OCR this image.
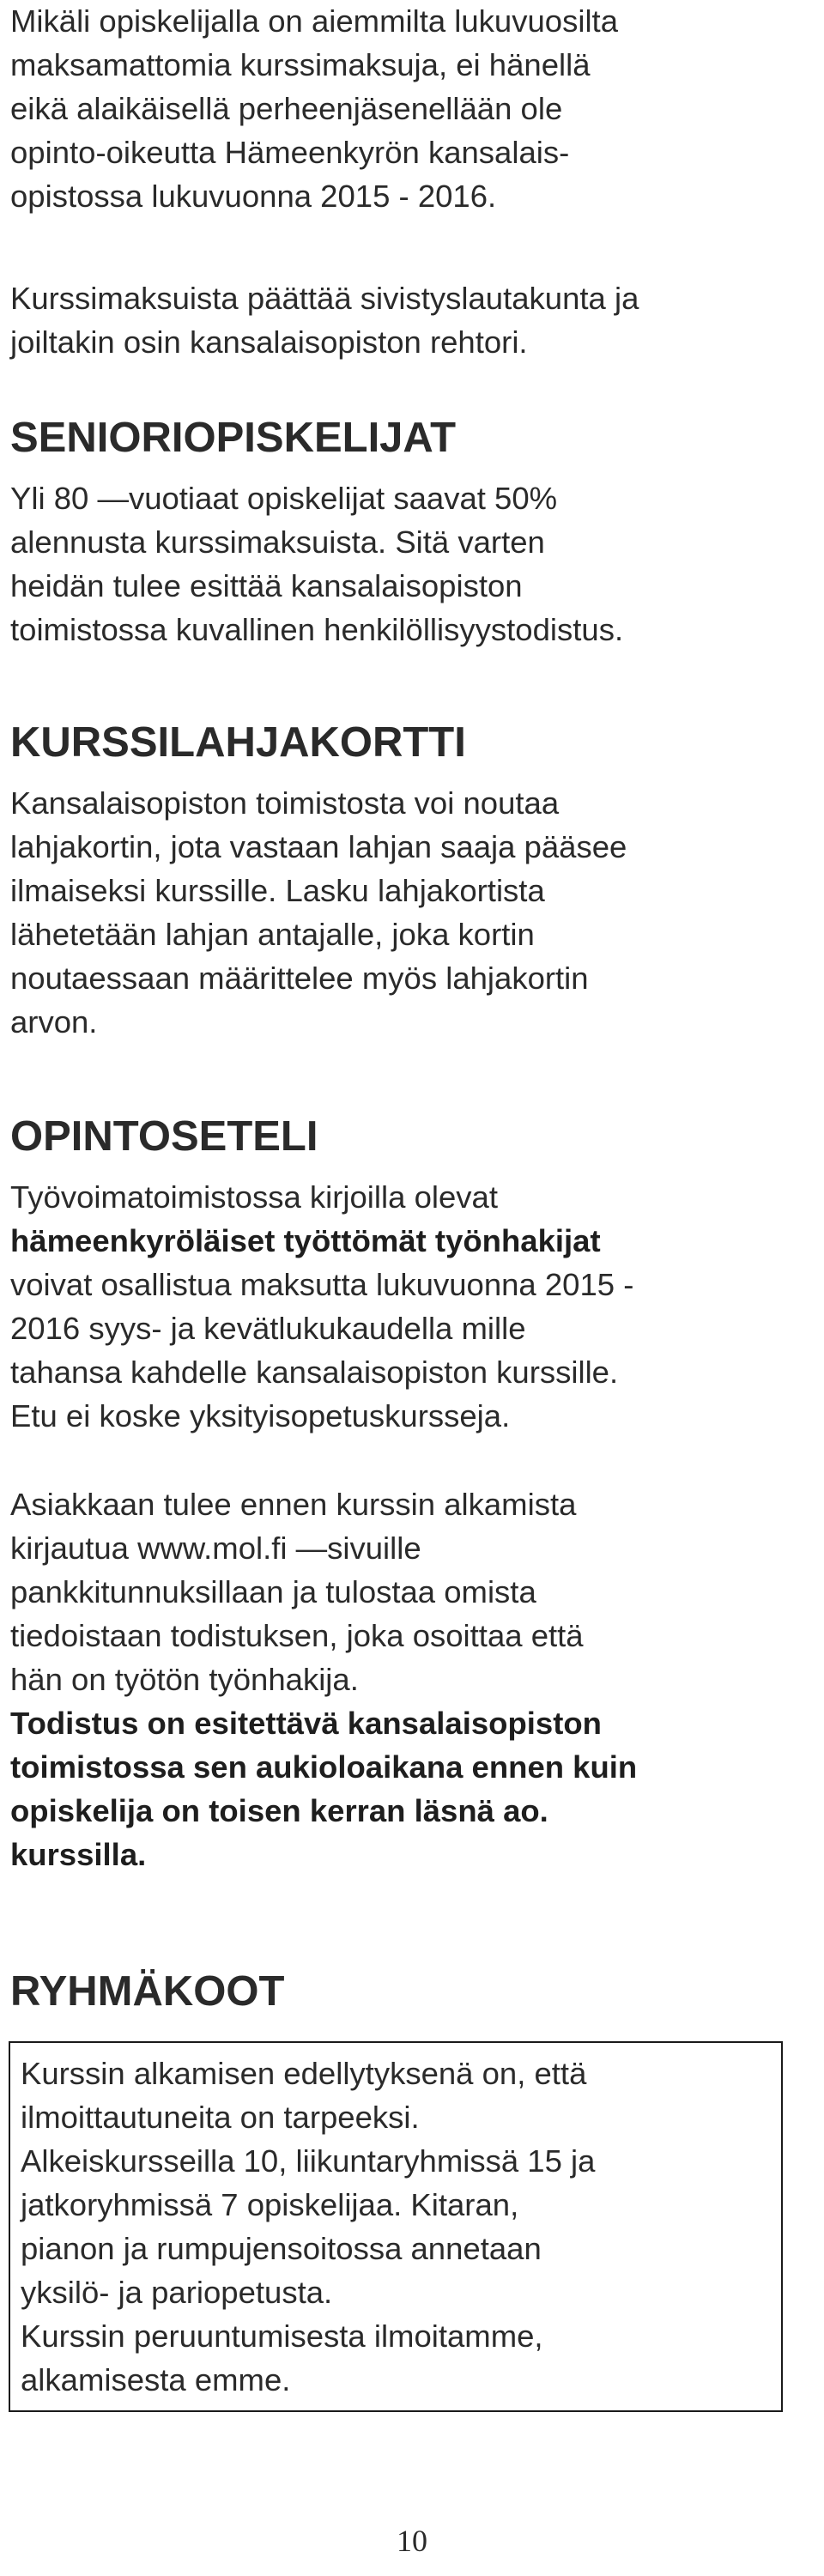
Mikäli opiskelijalla on aiemmilta lukuvuosilta
maksamattomia kurssimaksuja, ei hänellä
eikä alaikäisellä perheenjäsenellään ole
opinto-oikeutta Hämeenkyrön kansalais-
opistossa lukuvuonna 2015 - 2016.

Kurssimaksuista päättää sivistyslautakunta ja
joiltakin osin kansalaisopiston rehtori.

SENIORIOPISKELIJAT

Yli 80 —vuotiaat opiskelijat saavat 50%
alennusta kurssimaksuista. Sitä varten
heidän tulee esittää kansalaisopiston
toimistossa kuvallinen henkilöllisyystodistus.

KURSSILAHJAKORTTI

Kansalaisopiston toimistosta voi noutaa
lahjakortin, jota vastaan lahjan saaja pääsee
ilmaiseksi kurssille. Lasku lahjakortista
lähetetään lahjan antajalle, joka kortin
noutaessaan määrittelee myös lahjakortin
arvon.

OPINTOSETELI

Työvoimatoimistossa kirjoilla olevat
hämeenkyröläiset työttömät työnhakijat
voivat osallistua maksutta lukuvuonna 2015 -
2016 syys- ja kevätlukukaudella mille
tahansa kahdelle kansalaisopiston kurssille.
Etu ei koske yksityisopetuskursseja.

Asiakkaan tulee ennen kurssin alkamista
kirjautua www.mol.fi —sivuille
pankkitunnuksillaan ja tulostaa omista
tiedoistaan todistuksen, joka osoittaa että
hän on työtön työnhakija.
Todistus on esitettävä kansalaisopiston
toimistossa sen aukioloaikana ennen kuin
opiskelija on toisen kerran läsnä ao.
kurssilla.

RYHMÄKOOT
Kurssin alkamisen edellytyksenä on, että
ilmoittautuneita on tarpeeksi.
Alkeiskursseilla 10, liikuntaryhmissä 15 ja
jatkoryhmissä 7 opiskelijaa. Kitaran,
pianon ja rumpujensoitossa annetaan
yksilö- ja pariopetusta.
Kurssin peruuntumisesta ilmoitamme,
alkamisesta emme.
10
